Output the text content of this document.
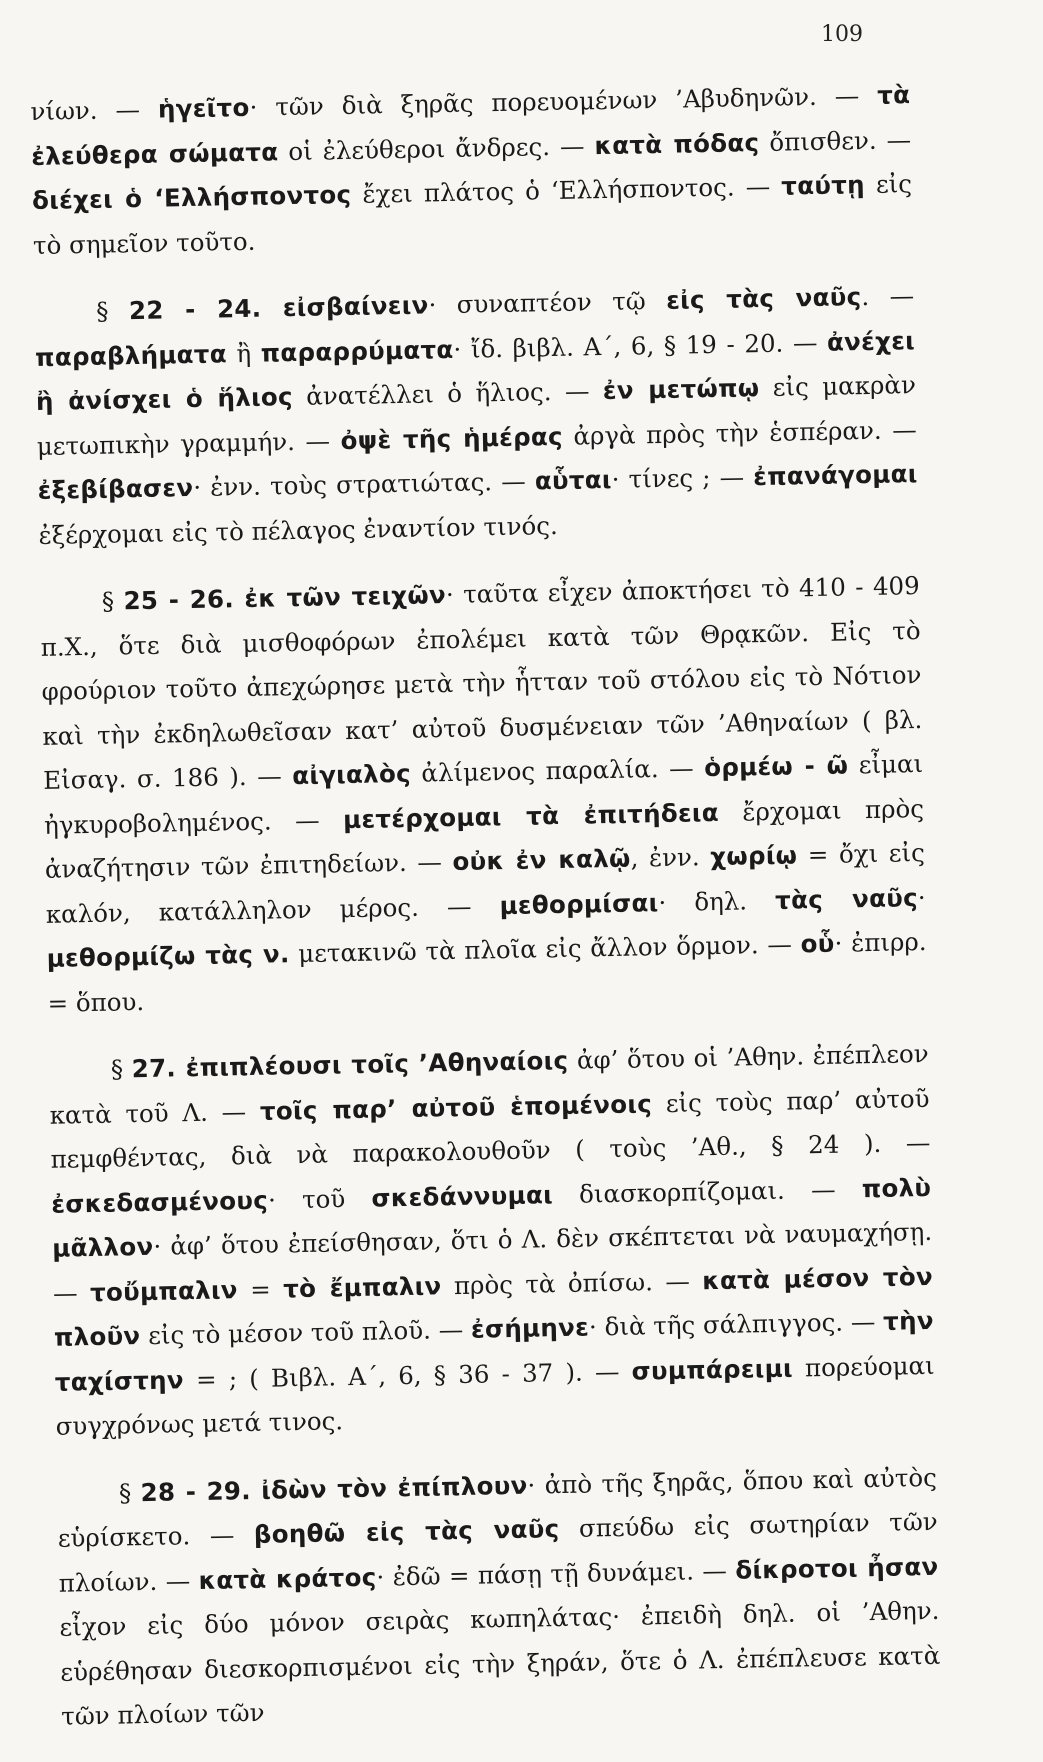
109

νίων. — ἡγεῖτο· τῶν διὰ ξηρᾶς πορευομένων ’Αβυδηνῶν. — τὰ ἐλεύθερα σώματα οἱ ἐλεύθεροι ἄνδρες. — κατὰ πόδας ὄπισθεν. — διέχει ὁ ‘Ελλήσποντος ἔχει πλάτος ὁ ‘Ελλήσποντος. — ταύτῃ εἰς τὸ σημεῖον τοῦτο.

§ 22 - 24. εἰσβαίνειν· συναπτέον τῷ εἰς τὰς ναῦς. — παραβλήματα ἢ παραρρύματα· ἴδ. βιβλ. Α΄, 6, § 19 - 20. — ἀνέχει ἢ ἀνίσχει ὁ ἥλιος ἀνατέλλει ὁ ἥλιος. — ἐν μετώπῳ εἰς μακρὰν μετωπικὴν γραμμήν. — ὀψὲ τῆς ἡμέρας ἀργὰ πρὸς τὴν ἑσπέραν. — ἐξεβίβασεν· ἐνν. τοὺς στρατιώτας. — αὗται· τίνες ; — ἐπανάγομαι ἐξέρχομαι εἰς τὸ πέλαγος ἐναντίον τινός.

§ 25 - 26. ἐκ τῶν τειχῶν· ταῦτα εἶχεν ἀποκτήσει τὸ 410 - 409 π.Χ., ὅτε διὰ μισθοφόρων ἐπολέμει κατὰ τῶν Θρᾳκῶν. Εἰς τὸ φρούριον τοῦτο ἀπεχώρησε μετὰ τὴν ἧτταν τοῦ στόλου εἰς τὸ Νότιον καὶ τὴν ἐκδηλωθεῖσαν κατ’ αὐτοῦ δυσμένειαν τῶν ’Αθηναίων ( βλ. Εἰσαγ. σ. 186 ). — αἰγιαλὸς ἀλίμενος παραλία. — ὁρμέω - ῶ εἶμαι ἠγκυροβολημένος. — μετέρχομαι τὰ ἐπιτήδεια ἔρχομαι πρὸς ἀναζήτησιν τῶν ἐπιτηδείων. — οὐκ ἐν καλῷ, ἐνν. χωρίῳ = ὄχι εἰς καλόν, κατάλληλον μέρος. — μεθορμίσαι· δηλ. τὰς ναῦς· μεθορμίζω τὰς ν. μετακινῶ τὰ πλοῖα εἰς ἄλλον ὅρμον. — οὗ· ἐπιρρ. = ὅπου.

§ 27. ἐπιπλέουσι τοῖς ’Αθηναίοις ἀφ’ ὅτου οἱ ’Αθην. ἐπέπλεον κατὰ τοῦ Λ. — τοῖς παρ’ αὐτοῦ ἑπομένοις εἰς τοὺς παρ’ αὐτοῦ πεμφθέντας, διὰ νὰ παρακολουθοῦν ( τοὺς ’Αθ., § 24 ). — ἐσκεδασμένους· τοῦ σκεδάννυμαι διασκορπίζομαι. — πολὺ μᾶλλον· ἀφ’ ὅτου ἐπείσθησαν, ὅτι ὁ Λ. δὲν σκέπτεται νὰ ναυμαχήσῃ. — τοὔμπαλιν = τὸ ἔμπαλιν πρὸς τὰ ὀπίσω. — κατὰ μέσον τὸν πλοῦν εἰς τὸ μέσον τοῦ πλοῦ. — ἐσήμηνε· διὰ τῆς σάλπιγγος. — τὴν ταχίστην = ; ( Βιβλ. Α΄, 6, § 36 - 37 ). — συμπάρειμι πορεύομαι συγχρόνως μετά τινος.

§ 28 - 29. ἰδὼν τὸν ἐπίπλουν· ἀπὸ τῆς ξηρᾶς, ὅπου καὶ αὐτὸς εὑρίσκετο. — βοηθῶ εἰς τὰς ναῦς σπεύδω εἰς σωτηρίαν τῶν πλοίων. — κατὰ κράτος· ἐδῶ = πάσῃ τῇ δυνάμει. — δίκροτοι ἦσαν εἶχον εἰς δύο μόνον σειρὰς κωπηλάτας· ἐπειδὴ δηλ. οἱ ’Αθην. εὑρέθησαν διεσκορπισμένοι εἰς τὴν ξηράν, ὅτε ὁ Λ. ἐπέπλευσε κατὰ τῶν πλοίων τῶν
